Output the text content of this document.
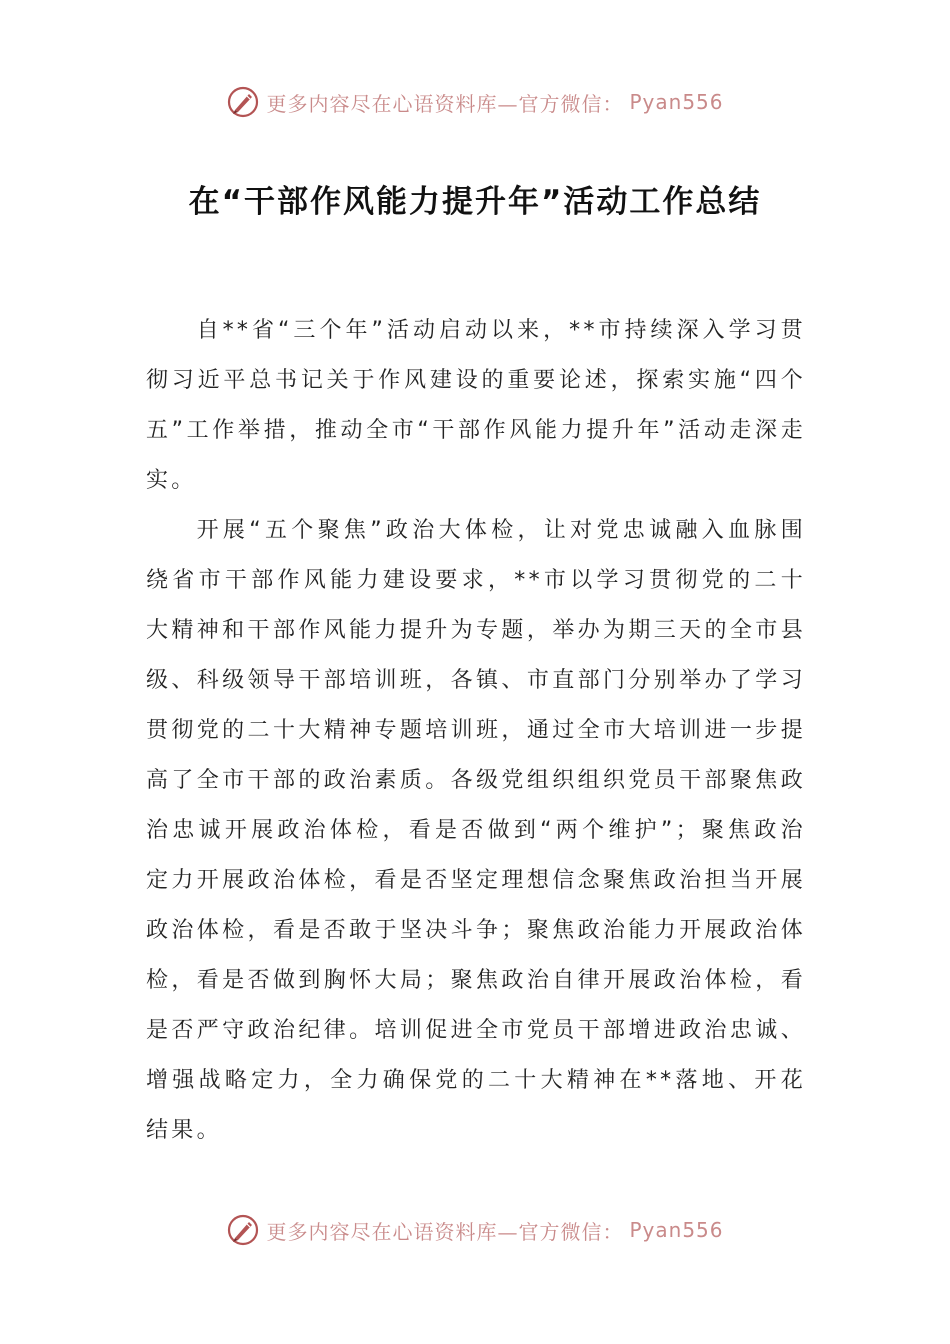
更多内容尽在心语资料库—官方微信： Pyan556
在“干部作风能力提升年”活动工作总结

自**省“三个年”活动启动以来，**市持续深入学习贯彻习近平总书记关于作风建设的重要论述，探索实施“四个五”工作举措，推动全市“干部作风能力提升年”活动走深走实。

开展“五个聚焦”政治大体检，让对党忠诚融入血脉围绕省市干部作风能力建设要求，**市以学习贯彻党的二十大精神和干部作风能力提升为专题，举办为期三天的全市县级、科级领导干部培训班，各镇、市直部门分别举办了学习贯彻党的二十大精神专题培训班，通过全市大培训进一步提高了全市干部的政治素质。各级党组织组织党员干部聚焦政治忠诚开展政治体检，看是否做到“两个维护”；聚焦政治定力开展政治体检，看是否坚定理想信念聚焦政治担当开展政治体检，看是否敢于坚决斗争；聚焦政治能力开展政治体检，看是否做到胸怀大局；聚焦政治自律开展政治体检，看是否严守政治纪律。培训促进全市党员干部增进政治忠诚、增强战略定力，全力确保党的二十大精神在**落地、开花结果。

更多内容尽在心语资料库—官方微信： Pyan556
